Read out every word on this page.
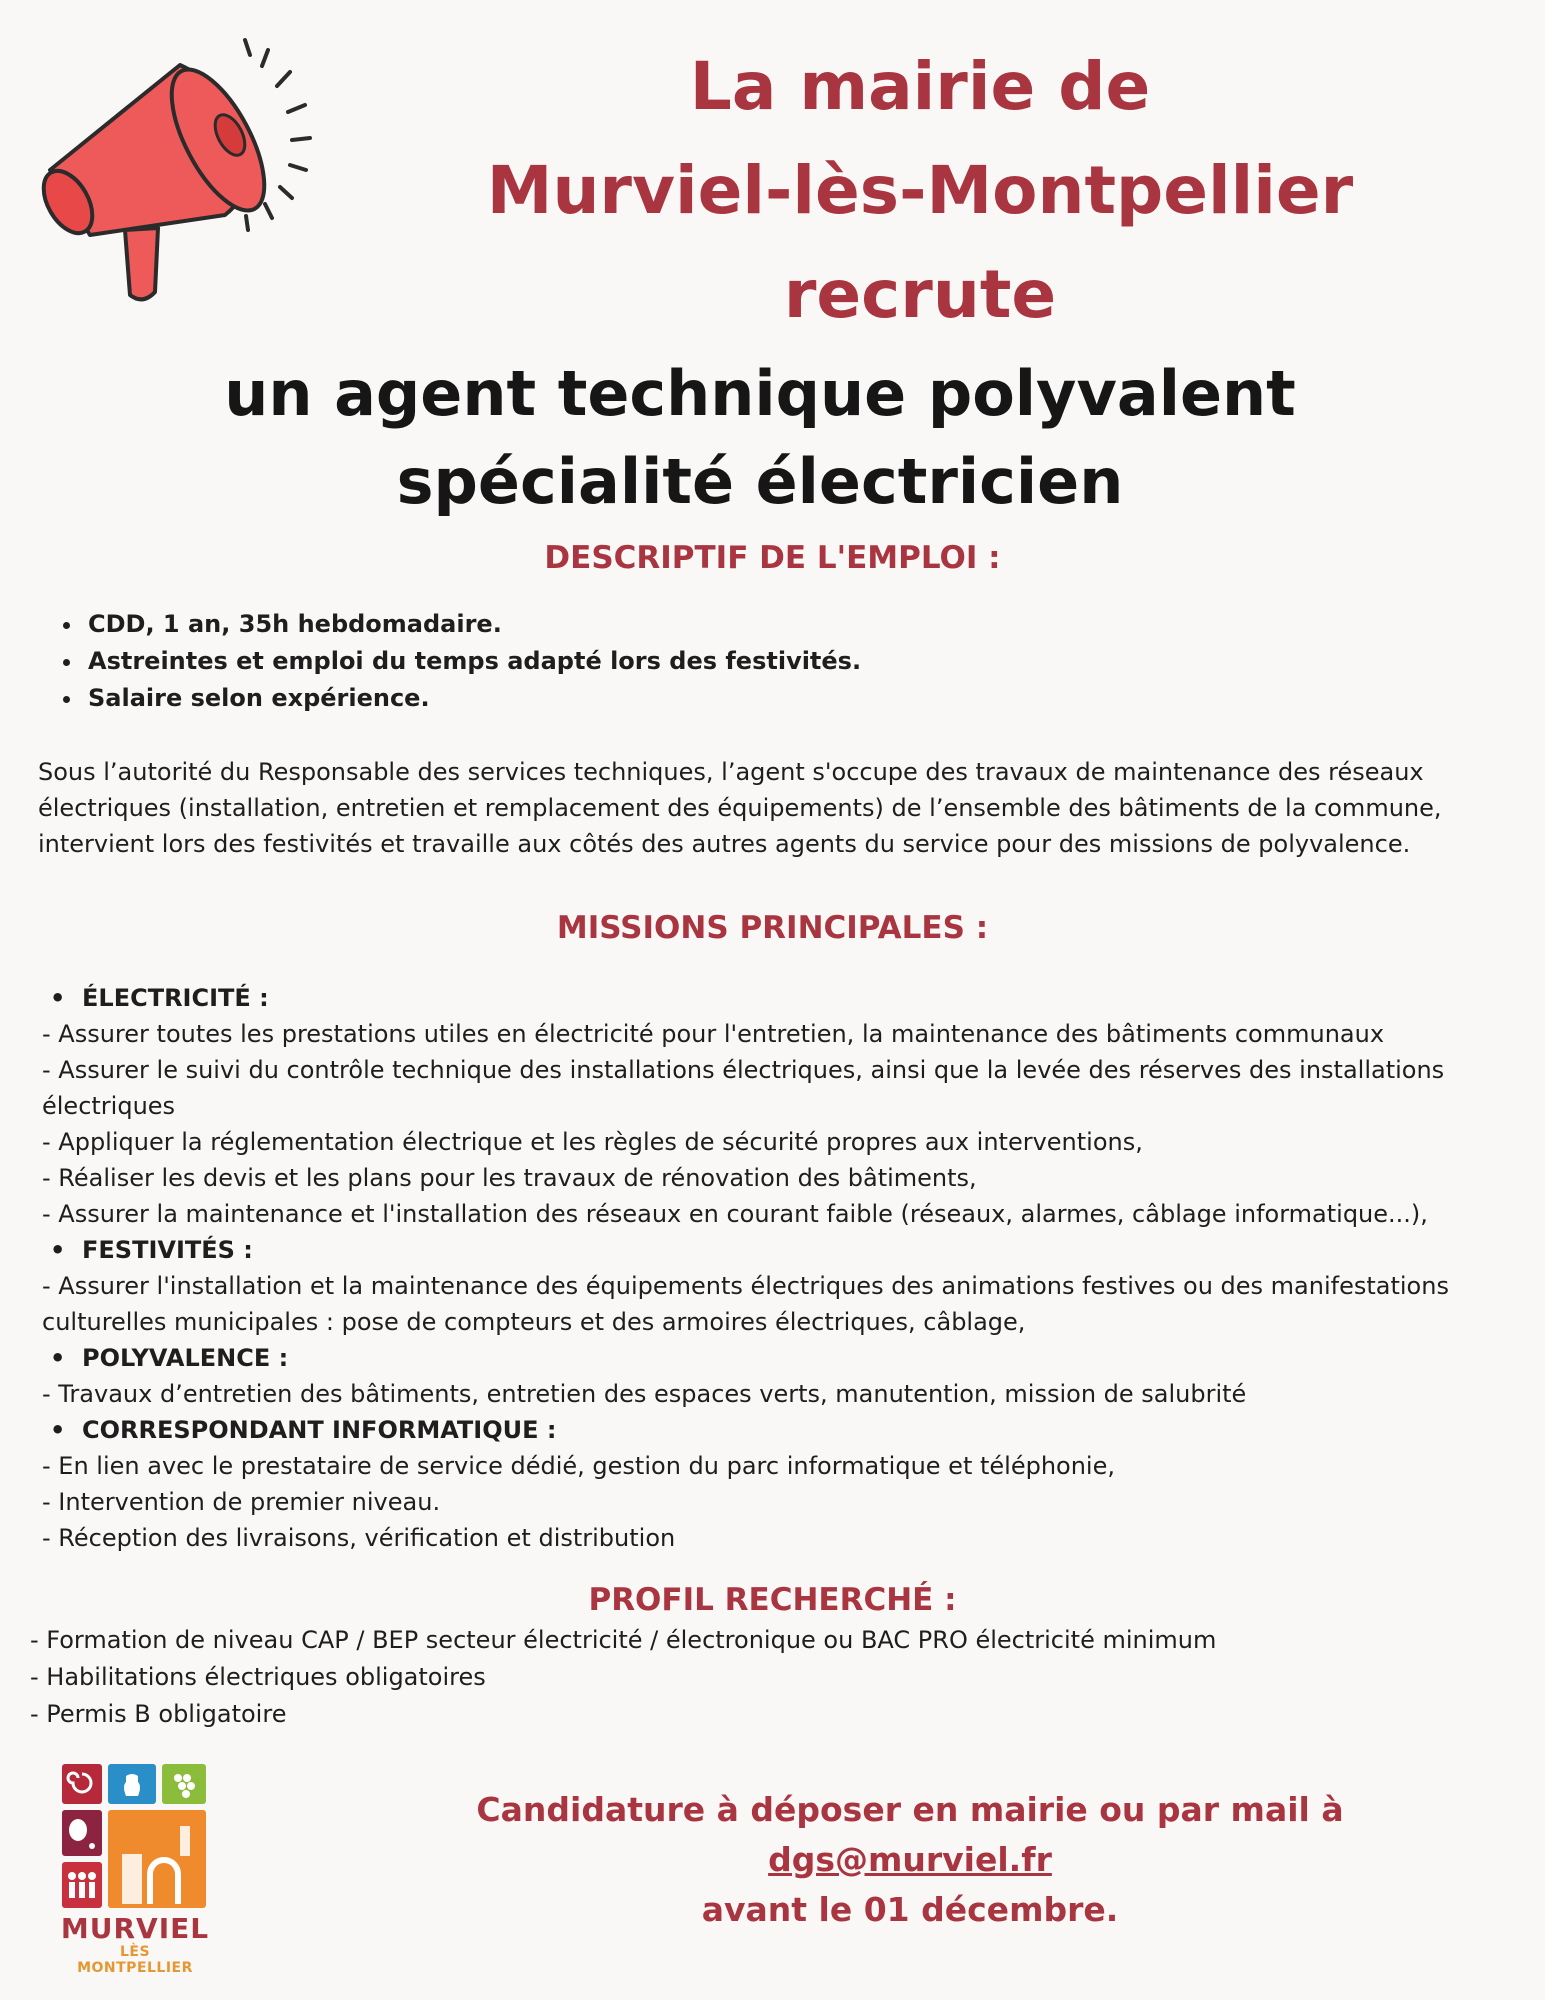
La mairie de
Murviel-lès-Montpellier
recrute
un agent technique polyvalent
spécialité électricien
DESCRIPTIF DE L'EMPLOI :
• CDD, 1 an, 35h hebdomadaire.
• Astreintes et emploi du temps adapté lors des festivités.
• Salaire selon expérience.

Sous l’autorité du Responsable des services techniques, l’agent s'occupe des travaux de maintenance des réseaux électriques (installation, entretien et remplacement des équipements) de l’ensemble des bâtiments de la commune, intervient lors des festivités et travaille aux côtés des autres agents du service pour des missions de polyvalence.

MISSIONS PRINCIPALES :
• ÉLECTRICITÉ :
- Assurer toutes les prestations utiles en électricité pour l'entretien, la maintenance des bâtiments communaux
- Assurer le suivi du contrôle technique des installations électriques, ainsi que la levée des réserves des installations électriques
- Appliquer la réglementation électrique et les règles de sécurité propres aux interventions,
- Réaliser les devis et les plans pour les travaux de rénovation des bâtiments,
- Assurer la maintenance et l'installation des réseaux en courant faible (réseaux, alarmes, câblage informatique...),
• FESTIVITÉS :
- Assurer l'installation et la maintenance des équipements électriques des animations festives ou des manifestations culturelles municipales : pose de compteurs et des armoires électriques, câblage,
• POLYVALENCE :
- Travaux d’entretien des bâtiments, entretien des espaces verts, manutention, mission de salubrité
• CORRESPONDANT INFORMATIQUE :
- En lien avec le prestataire de service dédié, gestion du parc informatique et téléphonie,
- Intervention de premier niveau.
- Réception des livraisons, vérification et distribution
PROFIL RECHERCHÉ :
- Formation de niveau CAP / BEP secteur électricité / électronique ou BAC PRO électricité minimum
- Habilitations électriques obligatoires
- Permis B obligatoire
MURVIEL
LÈS MONTPELLIER
Candidature à déposer en mairie ou par mail à
dgs@murviel.fr
avant le 01 décembre.
